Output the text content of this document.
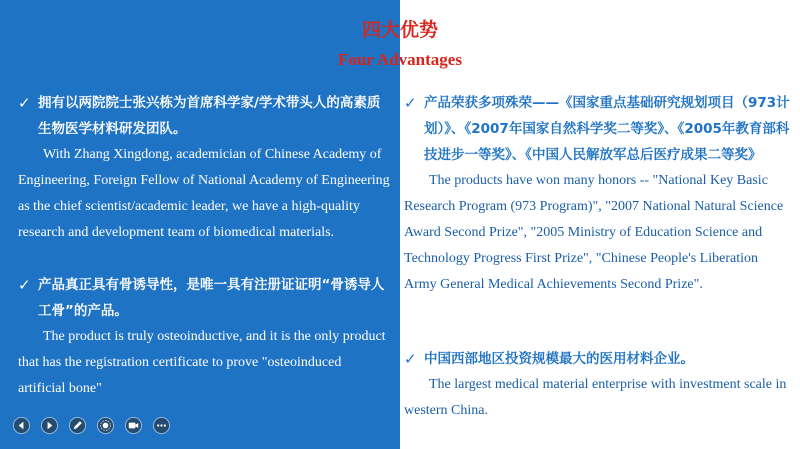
✓ 拥有以两院院士张兴栋为首席科学家/学术带头人的高素质生物医学材料研发团队。

With Zhang Xingdong, academician of Chinese Academy of Engineering, Foreign Fellow of National Academy of Engineering as the chief scientist/academic leader, we have a high-quality research and development team of biomedical materials.

✓ 产品真正具有骨诱导性，是唯一具有注册证证明“骨诱导人工骨”的产品。

The product is truly osteoinductive, and it is the only product that has the registration certificate to prove "osteoinduced artificial bone"

✓ 产品荣获多项殊荣——《国家重点基础研究规划项目（973计划）》、《2007年国家自然科学奖二等奖》、《2005年教育部科技进步一等奖》、《中国人民解放军总后医疗成果二等奖》

The products have won many honors -- "National Key Basic Research Program (973 Program)", "2007 National Natural Science Award Second Prize", "2005 Ministry of Education Science and Technology Progress First Prize", "Chinese People's Liberation Army General Medical Achievements Second Prize".

✓ 中国西部地区投资规模最大的医用材料企业。

The largest medical material enterprise with investment scale in western China.

四大优势
Four Advantages
